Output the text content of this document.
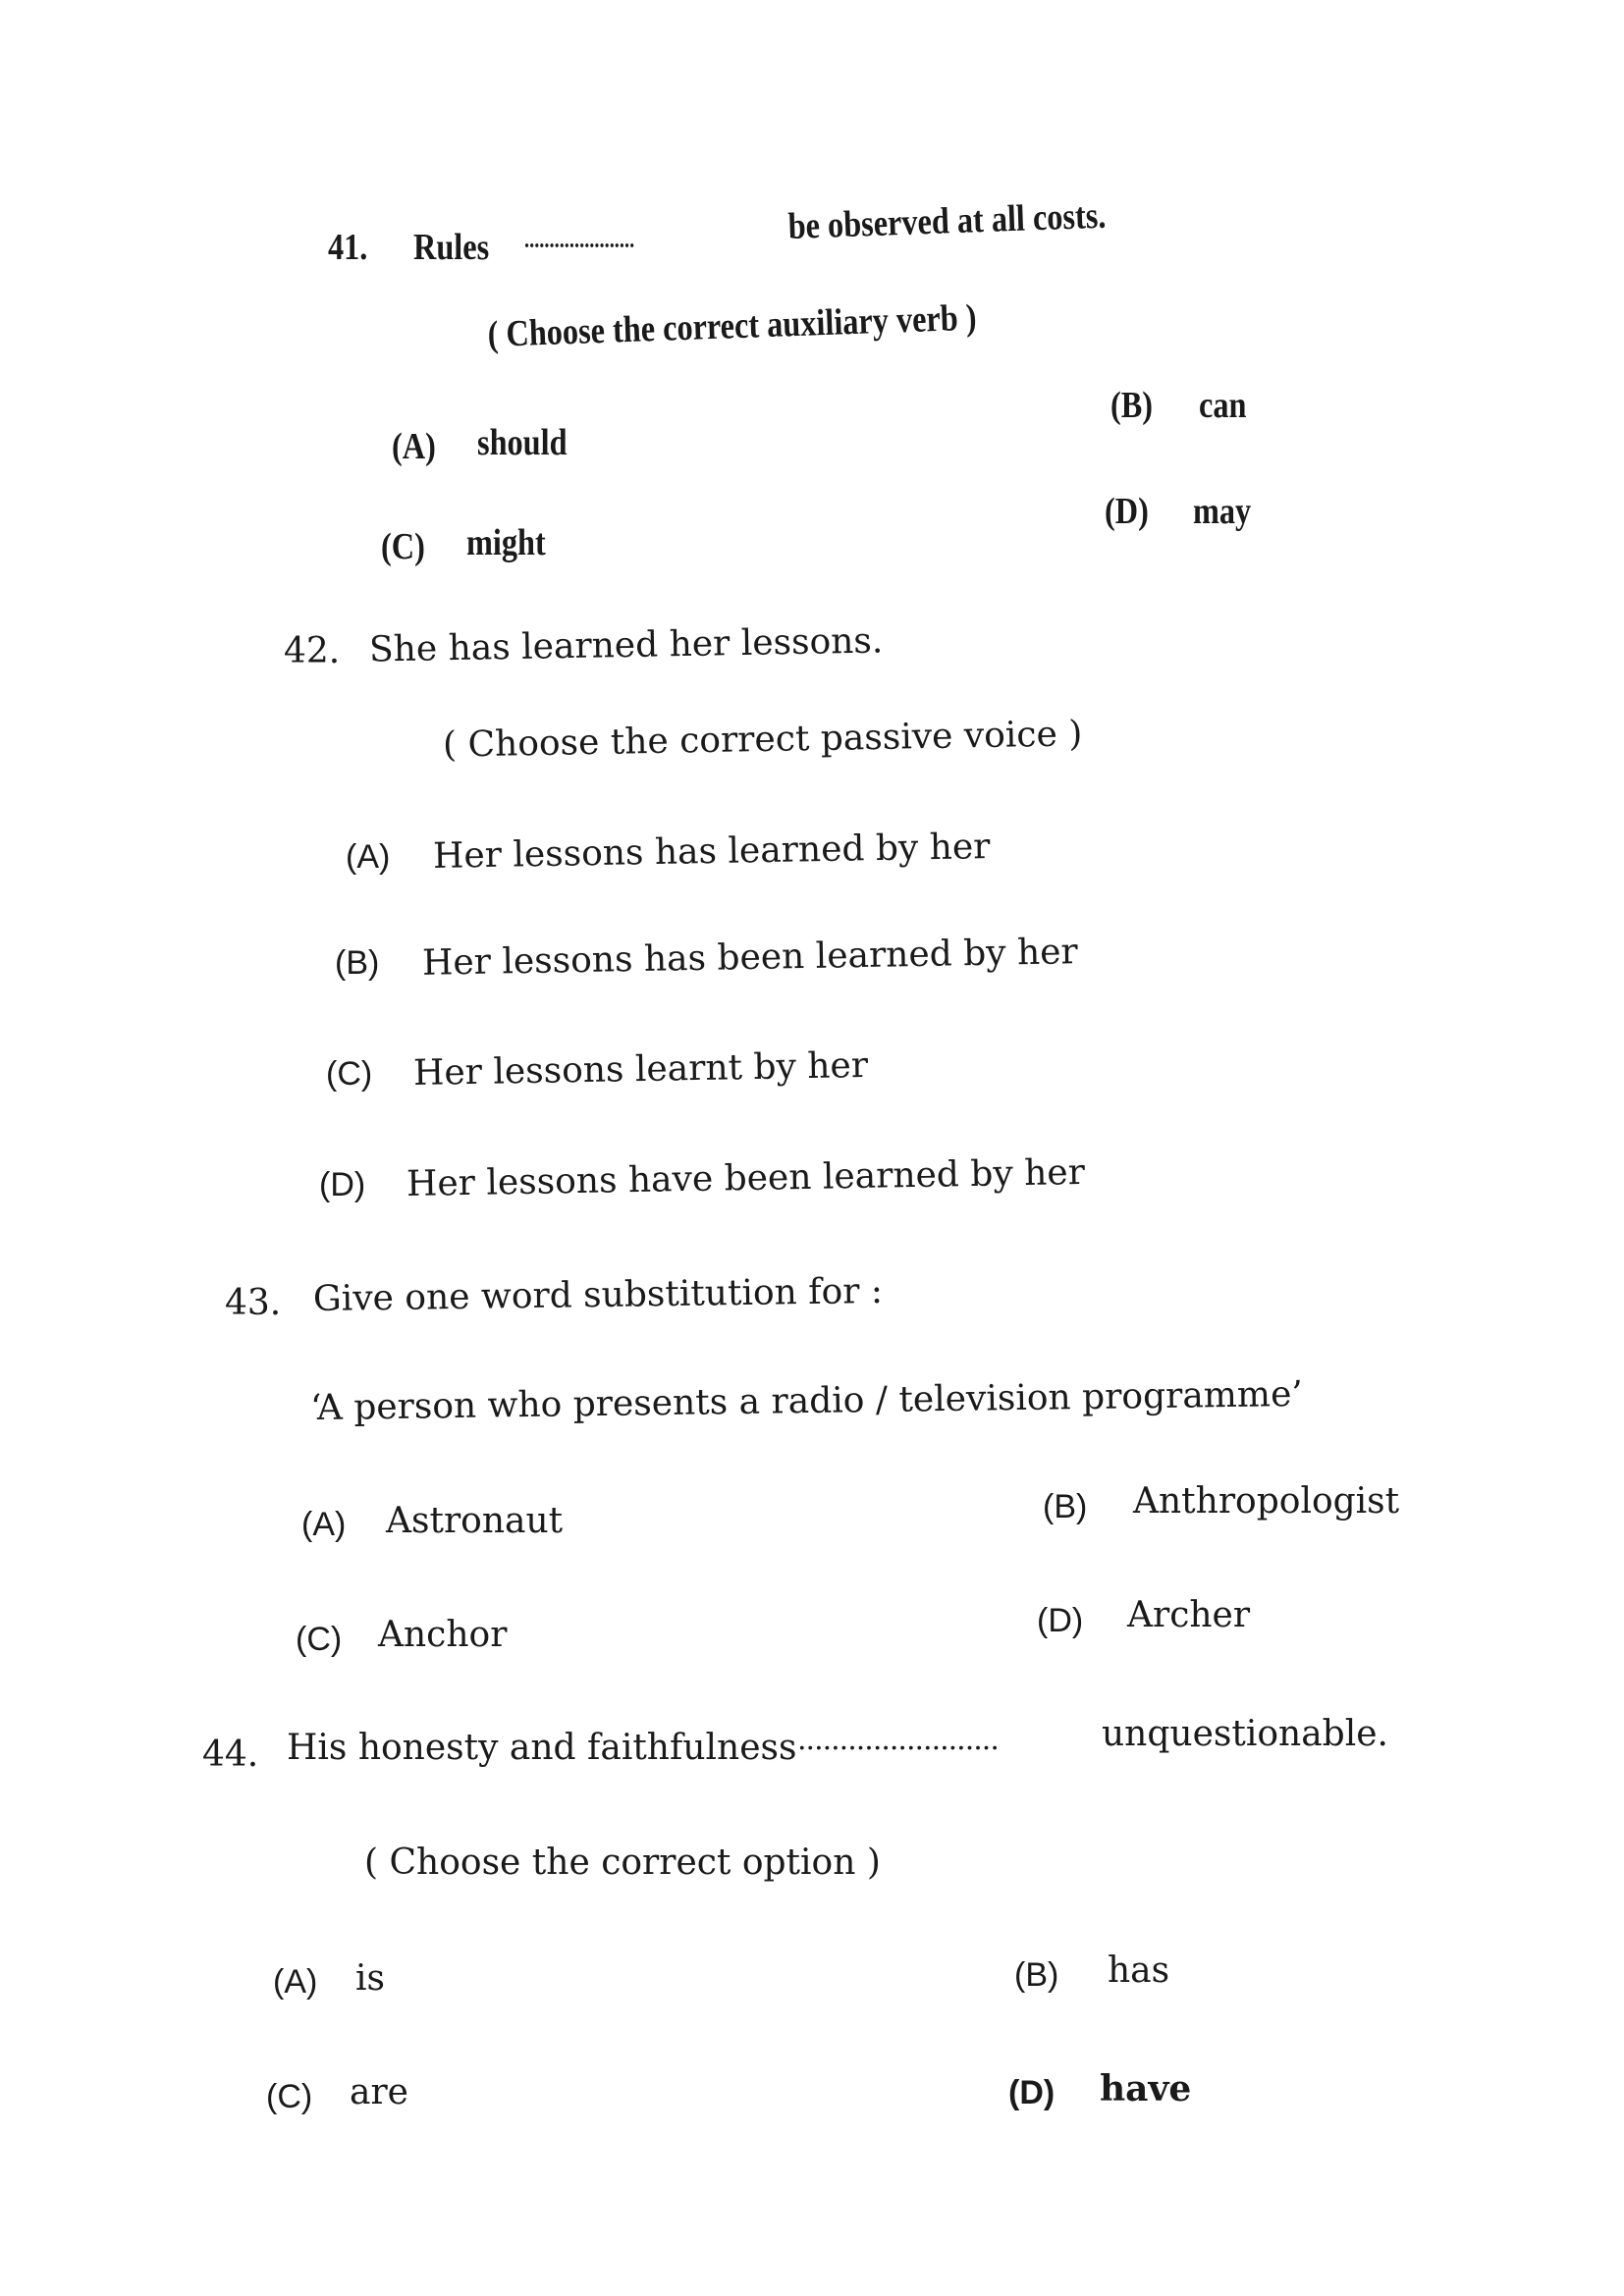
41. Rules ......................	be observed at all costs.
( Choose the correct auxiliary verb )
(A) should
(B) can
(C) might
(D) may
42. She has learned her lessons.
( Choose the correct passive voice )
(A) Her lessons has learned by her
(B) Her lessons has been learned by her
(C) Her lessons learnt by her
(D) Her lessons have been learned by her
43. Give one word substitution for :
‘A person who presents a radio / television programme’
(A) Astronaut	(B) Anthropologist
(C) Anchor	(D) Archer
44. His honesty and faithfulness ........................	unquestionable.
( Choose the correct option )
(A) is	(B) has
(C) are	(D) have
